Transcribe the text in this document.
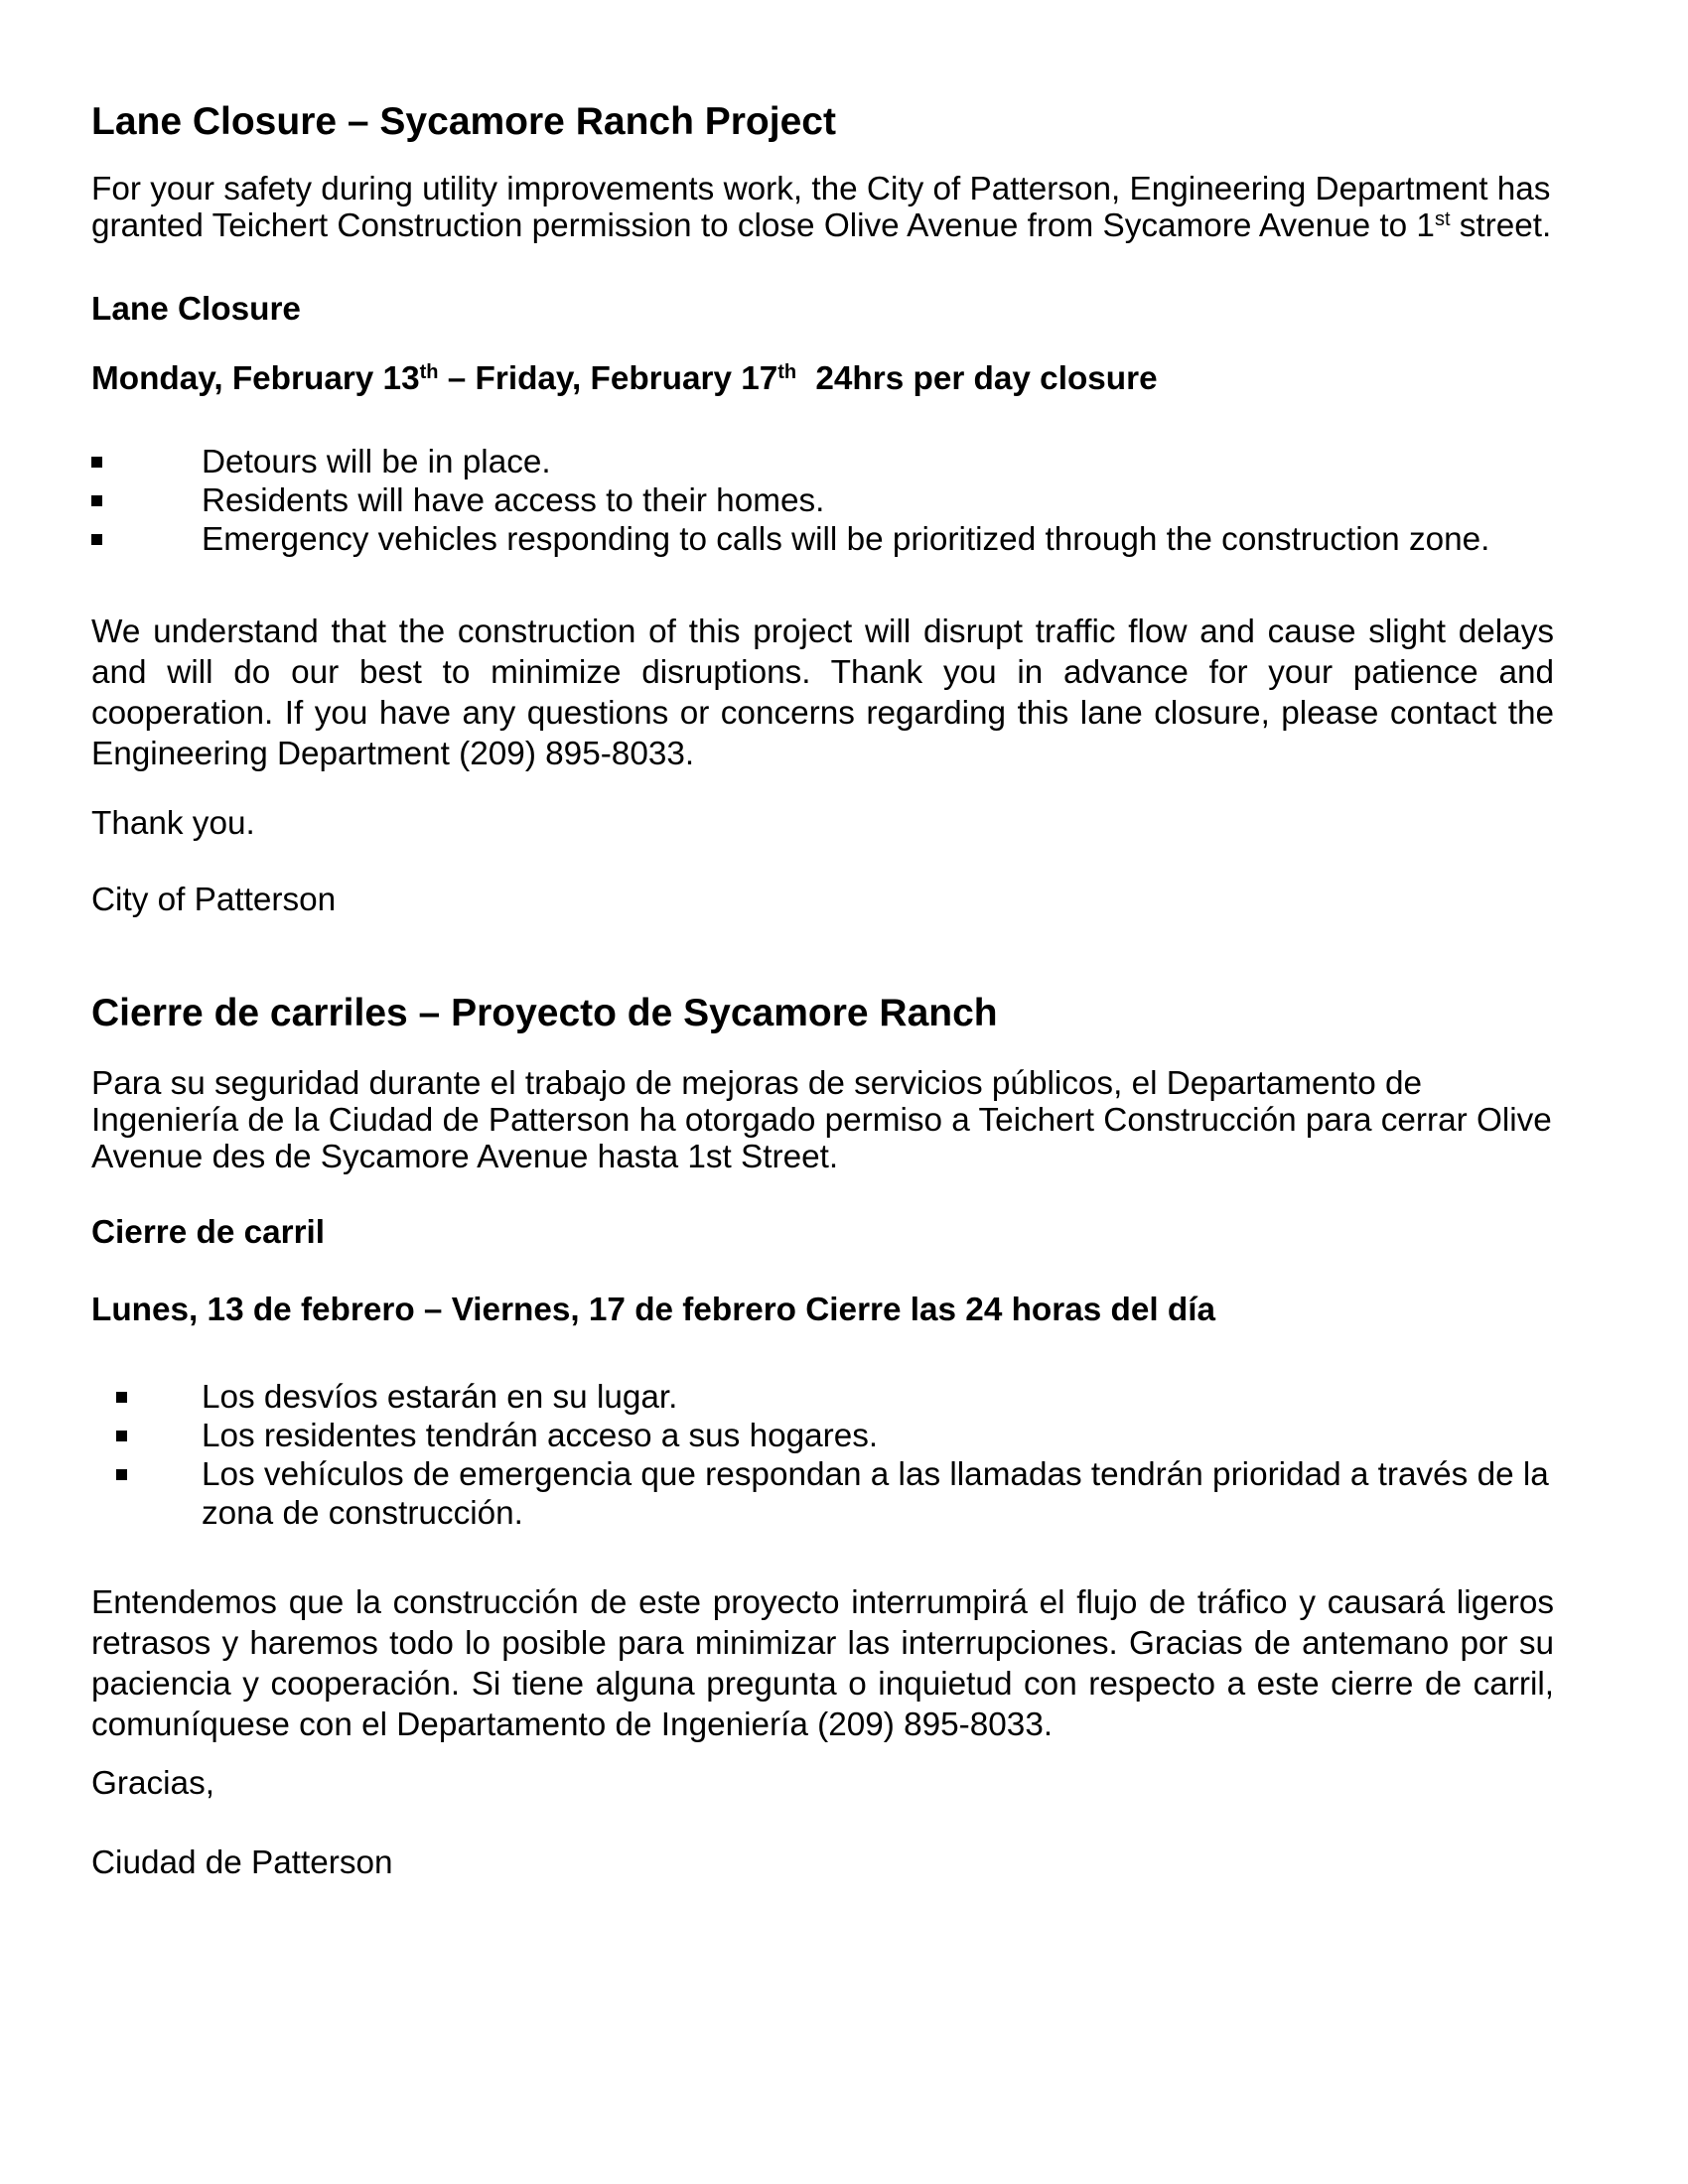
Lane Closure – Sycamore Ranch Project

For your safety during utility improvements work, the City of Patterson, Engineering Department has granted Teichert Construction permission to close Olive Avenue from Sycamore Avenue to 1st street.

Lane Closure

Monday, February 13th – Friday, February 17th 24hrs per day closure

Detours will be in place.
Residents will have access to their homes.
Emergency vehicles responding to calls will be prioritized through the construction zone.

We understand that the construction of this project will disrupt traffic flow and cause slight delays and will do our best to minimize disruptions. Thank you in advance for your patience and cooperation. If you have any questions or concerns regarding this lane closure, please contact the Engineering Department (209) 895-8033.

Thank you.

City of Patterson

Cierre de carriles – Proyecto de Sycamore Ranch

Para su seguridad durante el trabajo de mejoras de servicios públicos, el Departamento de Ingeniería de la Ciudad de Patterson ha otorgado permiso a Teichert Construcción para cerrar Olive Avenue des de Sycamore Avenue hasta 1st Street.

Cierre de carril

Lunes, 13 de febrero – Viernes, 17 de febrero Cierre las 24 horas del día

Los desvíos estarán en su lugar.
Los residentes tendrán acceso a sus hogares.
Los vehículos de emergencia que respondan a las llamadas tendrán prioridad a través de la zona de construcción.

Entendemos que la construcción de este proyecto interrumpirá el flujo de tráfico y causará ligeros retrasos y haremos todo lo posible para minimizar las interrupciones. Gracias de antemano por su paciencia y cooperación. Si tiene alguna pregunta o inquietud con respecto a este cierre de carril, comuníquese con el Departamento de Ingeniería (209) 895-8033.

Gracias,

Ciudad de Patterson
